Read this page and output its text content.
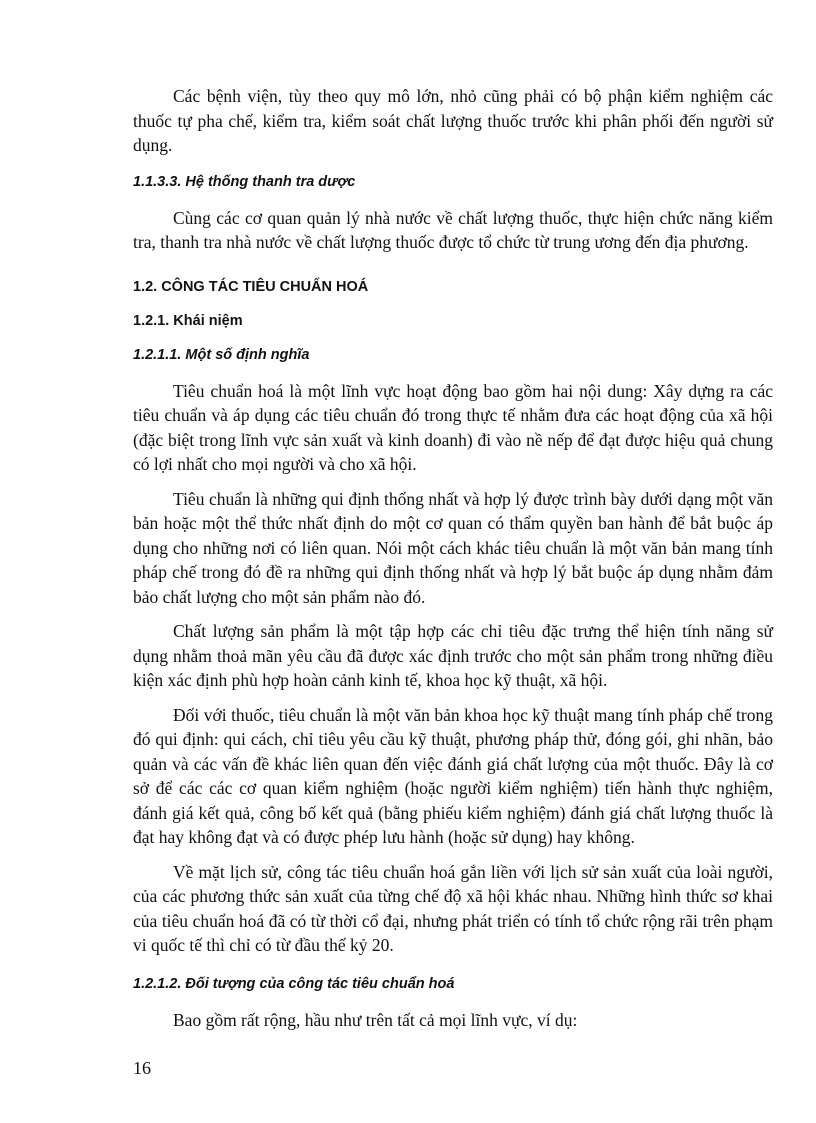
Các bệnh viện, tùy theo quy mô lớn, nhỏ cũng phải có bộ phận kiểm nghiệm các thuốc tự pha chế, kiểm tra, kiểm soát chất lượng thuốc trước khi phân phối đến người sử dụng.

1.1.3.3. Hệ thống thanh tra dược

Cùng các cơ quan quản lý nhà nước về chất lượng thuốc, thực hiện chức năng kiểm tra, thanh tra nhà nước về chất lượng thuốc được tổ chức từ trung ương đến địa phương.

1.2. CÔNG TÁC TIÊU CHUẨN HOÁ
1.2.1. Khái niệm
1.2.1.1. Một số định nghĩa

Tiêu chuẩn hoá là một lĩnh vực hoạt động bao gồm hai nội dung: Xây dựng ra các tiêu chuẩn và áp dụng các tiêu chuẩn đó trong thực tế nhằm đưa các hoạt động của xã hội (đặc biệt trong lĩnh vực sản xuất và kinh doanh) đi vào nề nếp để đạt được hiệu quả chung có lợi nhất cho mọi người và cho xã hội.

Tiêu chuẩn là những qui định thống nhất và hợp lý được trình bày dưới dạng một văn bản hoặc một thể thức nhất định do một cơ quan có thẩm quyền ban hành để bắt buộc áp dụng cho những nơi có liên quan. Nói một cách khác tiêu chuẩn là một văn bản mang tính pháp chế trong đó đề ra những qui định thống nhất và hợp lý bắt buộc áp dụng nhằm đảm bảo chất lượng cho một sản phẩm nào đó.

Chất lượng sản phẩm là một tập hợp các chỉ tiêu đặc trưng thể hiện tính năng sử dụng nhằm thoả mãn yêu cầu đã được xác định trước cho một sản phẩm trong những điều kiện xác định phù hợp hoàn cảnh kinh tế, khoa học kỹ thuật, xã hội.

Đối với thuốc, tiêu chuẩn là một văn bản khoa học kỹ thuật mang tính pháp chế trong đó qui định: qui cách, chỉ tiêu yêu cầu kỹ thuật, phương pháp thử, đóng gói, ghi nhãn, bảo quản và các vấn đề khác liên quan đến việc đánh giá chất lượng của một thuốc. Đây là cơ sở để các các cơ quan kiểm nghiệm (hoặc người kiểm nghiệm) tiến hành thực nghiệm, đánh giá kết quả, công bố kết quả (bằng phiếu kiểm nghiệm) đánh giá chất lượng thuốc là đạt hay không đạt và có được phép lưu hành (hoặc sử dụng) hay không.

Về mặt lịch sử, công tác tiêu chuẩn hoá gắn liền với lịch sử sản xuất của loài người, của các phương thức sản xuất của từng chế độ xã hội khác nhau. Những hình thức sơ khai của tiêu chuẩn hoá đã có từ thời cổ đại, nhưng phát triển có tính tổ chức rộng rãi trên phạm vi quốc tế thì chỉ có từ đầu thế kỷ 20.

1.2.1.2. Đối tượng của công tác tiêu chuẩn hoá

Bao gồm rất rộng, hầu như trên tất cả mọi lĩnh vực, ví dụ:

16
